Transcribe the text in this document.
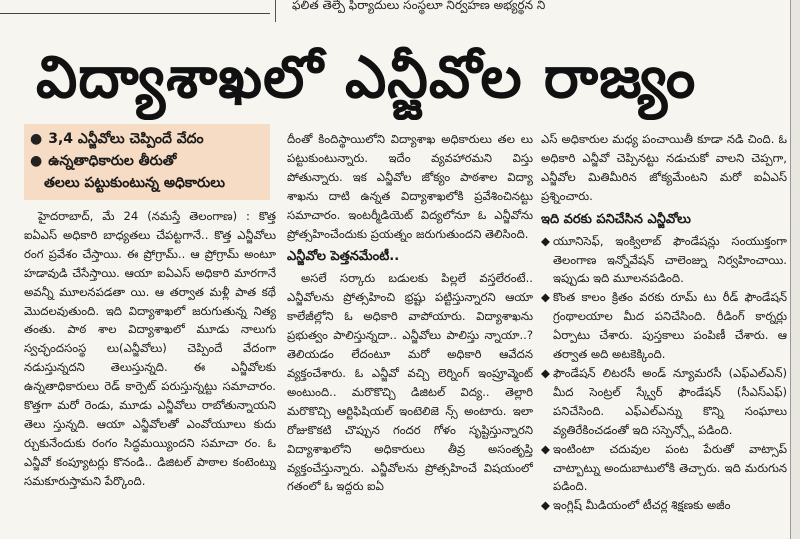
ఫలిత తెల్పే ఫిర్యాదులు సంస్థలూ నిర్వహణ అభ్యర్థన ని
విద్యాశాఖలో ఎన్జీవోల రాజ్యం
● 3,4 ఎన్జీవోలు చెప్పిందే వేదం
● ఉన్నతాధికారుల తీరుతో
తలలు పట్టుకుంటున్న అధికారులు

హైదరాబాద్, మే 24 (నమస్తే తెలంగాణ) : కొత్త ఐఏఎస్ అధికారి బాధ్యతలు చేపట్టగానే.. కొత్త ఎన్జీవోలు రంగ ప్రవేశం చేస్తాయి. ఈ ప్రోగ్రామ్.. ఆ ప్రోగ్రామ్ అంటూ హడావుడి చేసేస్తాయి. ఆయా ఐఏఎస్ అధికారి మారగానే అవన్నీ మూలనపడతా యి. ఆ తర్వాత మళ్లీ పాత కథే మొదలవుతుంది. ఇది విద్యాశాఖలో జరుగుతున్న నిత్య తంతు. పాఠ శాల విద్యాశాఖలో మూడు నాలుగు స్వచ్ఛందసంస్థ లు(ఎన్జీవోలు) చెప్పిందే వేదంగా నడుస్తున్నదని తెలుస్తున్నది. ఈ ఎన్జీవోలకు ఉన్నతాధికారులు రెడ్ కార్పెట్ పరుస్తున్నట్టు సమాచారం. కొత్తగా మరో రెండు, మూడు ఎన్జీవోలు రాబోతున్నాయని తెలు స్తున్నది. ఆయా ఎన్జీవోలతో ఎంవోయూలు కుదు ర్చుకునేందుకు రంగం సిద్ధమయ్యిందని సమాచా రం. ఓ ఎన్జీవో కంప్యూటర్లు కొనండి.. డిజిటల్ పాఠాల కంటెంట్ను సమకూరుస్తామని పేర్కొంది.

దీంతో కిందిస్థాయిలోని విద్యాశాఖ అధికారులు తల లు పట్టుకుంటున్నారు. ఇదేం వ్యవహారమని విస్తు పోతున్నారు. ఇక ఎన్జీవోల జోక్యం పాఠశాల విద్యా శాఖను దాటి ఉన్నత విద్యాశాఖలోకి ప్రవేశించినట్టు సమాచారం. ఇంటర్మీడియెట్ విద్యలోనూ ఓ ఎన్జీవోను ప్రోత్సహించేందుకు ప్రయత్నం జరుగుతుందని తెలిసింది.

ఎన్జీవోల పెత్తనమేంటీ..

అసలే సర్కారు బడులకు పిల్లలే వస్తలేరంటే.. ఎన్జీవోలను ప్రోత్సహించి భ్రష్టు పట్టిస్తున్నారని ఆయా కాలేజీల్లోని ఓ అధికారి వాపోయారు. విద్యాశాఖను ప్రభుత్వం పాలిస్తున్నదా.. ఎన్జీవోలు పాలిస్తు న్నాయా..? తెలియడం లేదంటూ మరో అధికారి ఆవేదన వ్యక్తంచేశారు. ఓ ఎన్జీవో వచ్చి లెర్నింగ్ ఇంప్రూవ్మెంట్ అంటుంది.. మరొకొచ్చి డిజిటల్ విద్య.. తెల్లారి మరొకొచ్చి ఆర్టిఫిషియల్ ఇంటెలిజె న్స్ అంటారు. ఇలా రోజుకొకటి చొప్పున గందర గోళం సృష్టిస్తున్నారని విద్యాశాఖలోని అధికారులు తీవ్ర అసంతృప్తి వ్యక్తంచేస్తున్నారు. ఎన్జీవోలను ప్రోత్సహించే విషయంలో గతంలో ఓ ఇద్దరు ఐఏ

ఎస్ అధికారుల మధ్య పంచాయితీ కూడా నడి చింది. ఓ అధికారి ఎన్జీవో చెప్పినట్టు నడుచుకో వాలని చెప్పగా, ఎన్జీవోల మితిమీరిన జోక్యమేంటని మరో ఐఏఎస్ ప్రశ్నించారు.

ఇది వరకు పనిచేసిన ఎన్జీవోలు
◆ యూనిసెఫ్, ఇంక్విలాబ్ ఫౌండేషన్లు సంయుక్తంగా తెలంగాణ ఇన్నోవేషన్ చాలెంజ్ను నిర్వహించాయి. ఇప్పుడు ఇది మూలనపడింది.
◆ కొంత కాలం క్రితం వరకు రూమ్ టు రీడ్ ఫౌండేషన్ గ్రంథాలయాల మీద పనిచేసింది. రీడింగ్ కార్నర్లు ఏర్పాటు చేశారు. పుస్తకాలు పంపిణీ చేశారు. ఆ తర్వాత అది అటకెక్కింది.
◆ ఫౌండేషన్ లిటరసీ అండ్ న్యూమరసీ (ఎఫ్ఎల్ఎన్) మీద సెంట్రల్ స్క్వేర్ ఫౌండేషన్ (సీఎస్ఎఫ్) పనిచేసింది. ఎఫ్ఎల్ఎన్ను కొన్ని సంఘాలు వ్యతిరేకించడంతో ఇది సస్పెన్స్లో పడింది.
◆ ఇంటింటా చదువుల పంట పేరుతో వాట్సాప్ చాట్బాట్ను అందుబాటులోకి తెచ్చారు. ఇది మరుగున పడింది.
◆ ఇంగ్లిష్ మీడియంలో టీచర్ల శిక్షణకు అజీం
